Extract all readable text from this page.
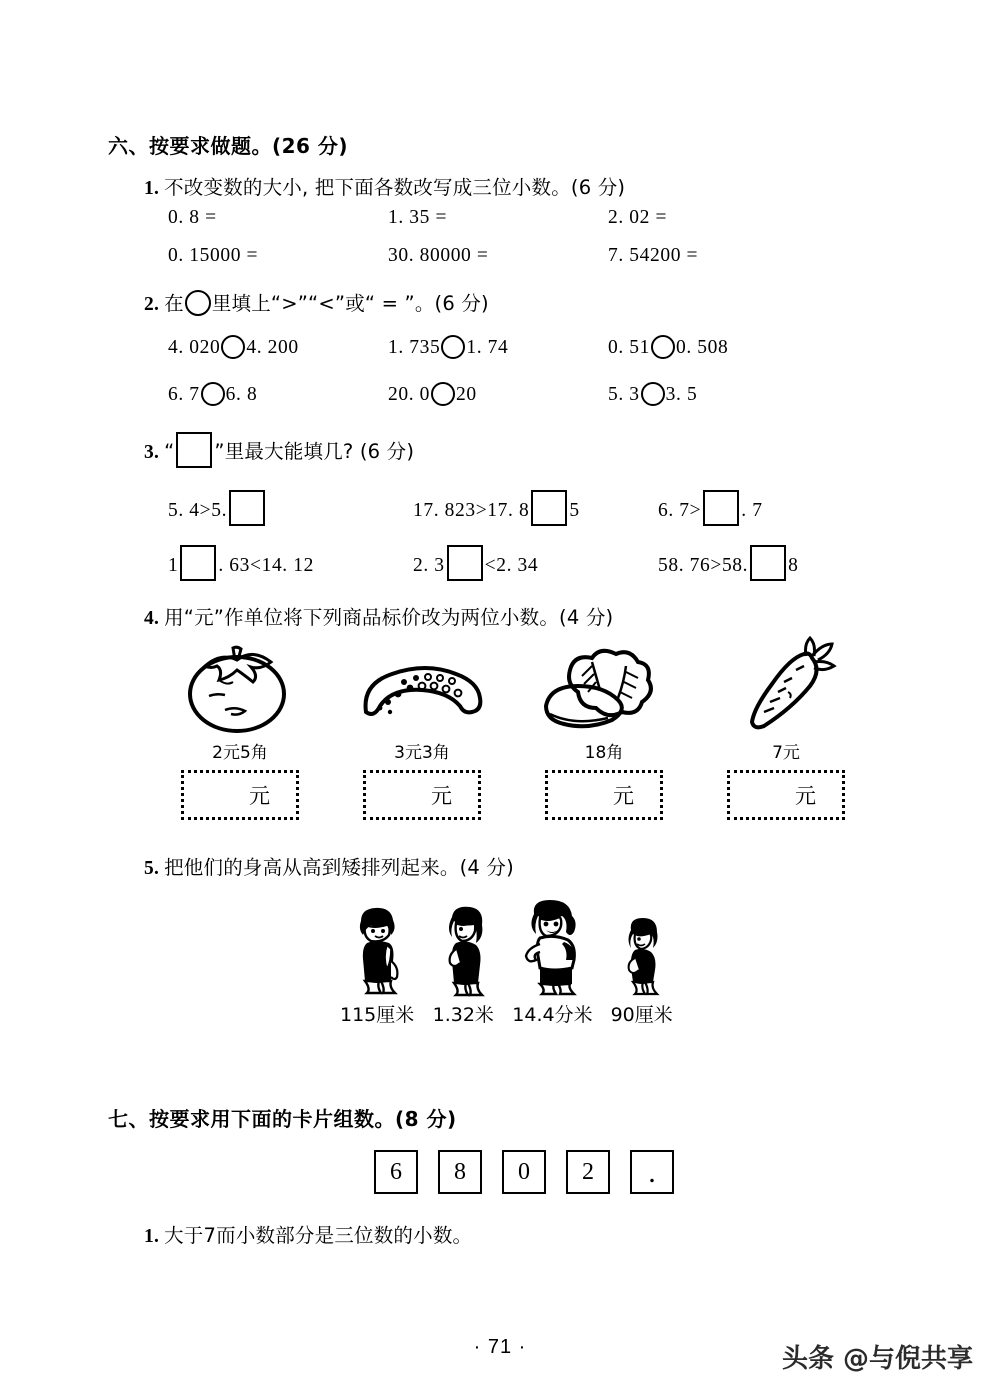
六、按要求做题。(26 分)
1. 不改变数的大小, 把下面各数改写成三位小数。(6 分)
0. 8 =	1. 35 =	2. 02 =
0. 15000 =	30. 80000 =	7. 54200 =
2. 在 里填上“>”“<”或“ = ”。(6 分)
4. 020 4. 200	1. 735 1. 74	0. 51 0. 508
6. 7 6. 8	20. 0 20	5. 3 3. 5
3. “ ”里最大能填几? (6 分)
5. 4>5.	17. 823>17. 8 5	6. 7> . 7
1 . 63<14. 12	2. 3 <2. 34	58. 76>58. 8
4. 用“元”作单位将下列商品标价改为两位小数。(4 分)
2元5角	3元3角	18角	7元
元	元	元	元
5. 把他们的身高从高到矮排列起来。(4 分)
115厘米 1.32米 14.4分米 90厘米
七、按要求用下面的卡片组数。(8 分)
6	8	0	2	.
1. 大于7而小数部分是三位数的小数。
· 71 ·	头条 @与倪共享
